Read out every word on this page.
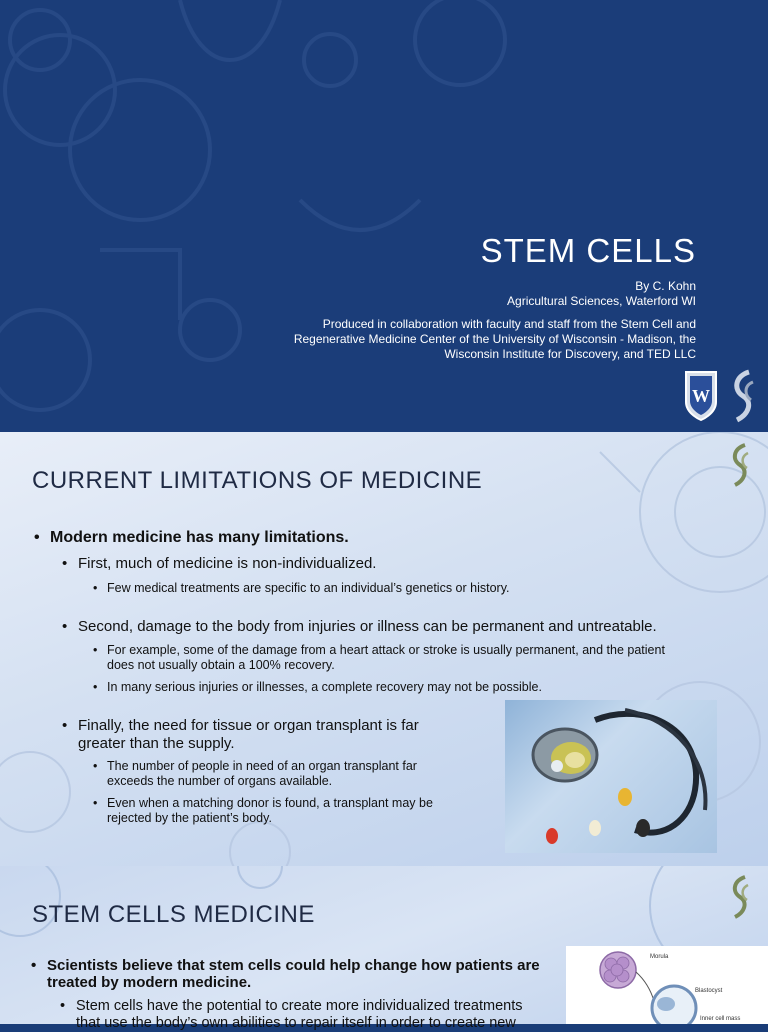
STEM CELLS
By C. Kohn
Agricultural Sciences, Waterford WI
Produced in collaboration with faculty and staff from the Stem Cell and
Regenerative Medicine Center of the University of Wisconsin - Madison, the
Wisconsin Institute for Discovery, and TED LLC
W
CURRENT LIMITATIONS OF MEDICINE
• Modern medicine has many limitations.
• First, much of medicine is non-individualized.
• Few medical treatments are specific to an individual’s genetics or history.
• Second, damage to the body from injuries or illness can be permanent and untreatable.
• For example, some of the damage from a heart attack or stroke is usually permanent, and the patient
does not usually obtain a 100% recovery.
• In many serious injuries or illnesses, a complete recovery may not be possible.
• Finally, the need for tissue or organ transplant is far
greater than the supply.
• The number of people in need of an organ transplant far
exceeds the number of organs available.
• Even when a matching donor is found, a transplant may be
rejected by the patient’s body.
STEM CELLS MEDICINE
• Scientists believe that stem cells could help change how patients are
treated by modern medicine.
• Stem cells have the potential to create more individualized treatments
that use the body’s own abilities to repair itself in order to create new
Morula
Blastocyst
Inner cell mass
